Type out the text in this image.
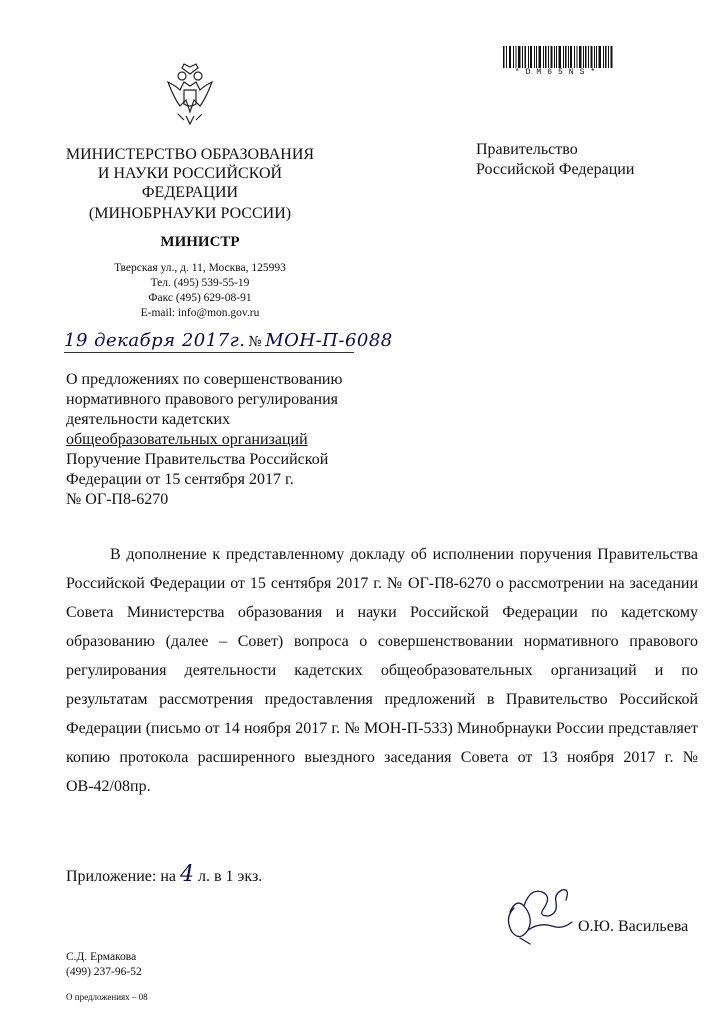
*DM65NS*
МИНИСТЕРСТВО ОБРАЗОВАНИЯ
И НАУКИ РОССИЙСКОЙ
ФЕДЕРАЦИИ
(МИНОБРНАУКИ РОССИИ)
МИНИСТР
Тверская ул., д. 11, Москва, 125993
Тел. (495) 539-55-19
Факс (495) 629-08-91
E-mail: info@mon.gov.ru
Правительство
Российской Федерации
19 декабря 2017г. № МОН-П-6088
О предложениях по совершенствованию
нормативного правового регулирования
деятельности кадетских
общеобразовательных организаций
Поручение Правительства Российской
Федерации от 15 сентября 2017 г.
№ ОГ-П8-6270
В дополнение к представленному докладу об исполнении поручения Правительства Российской Федерации от 15 сентября 2017 г. № ОГ-П8-6270 о рассмотрении на заседании Совета Министерства образования и науки Российской Федерации по кадетскому образованию (далее – Совет) вопроса о совершенствовании нормативного правового регулирования деятельности кадетских общеобразовательных организаций и по результатам рассмотрения предоставления предложений в Правительство Российской Федерации (письмо от 14 ноября 2017 г. № МОН-П-533) Минобрнауки России представляет копию протокола расширенного выездного заседания Совета от 13 ноября 2017 г. № ОВ-42/08пр.
Приложение: на 4 л. в 1 экз.
О.Ю. Васильева
С.Д. Ермакова
(499) 237-96-52
О предложениях – 08
